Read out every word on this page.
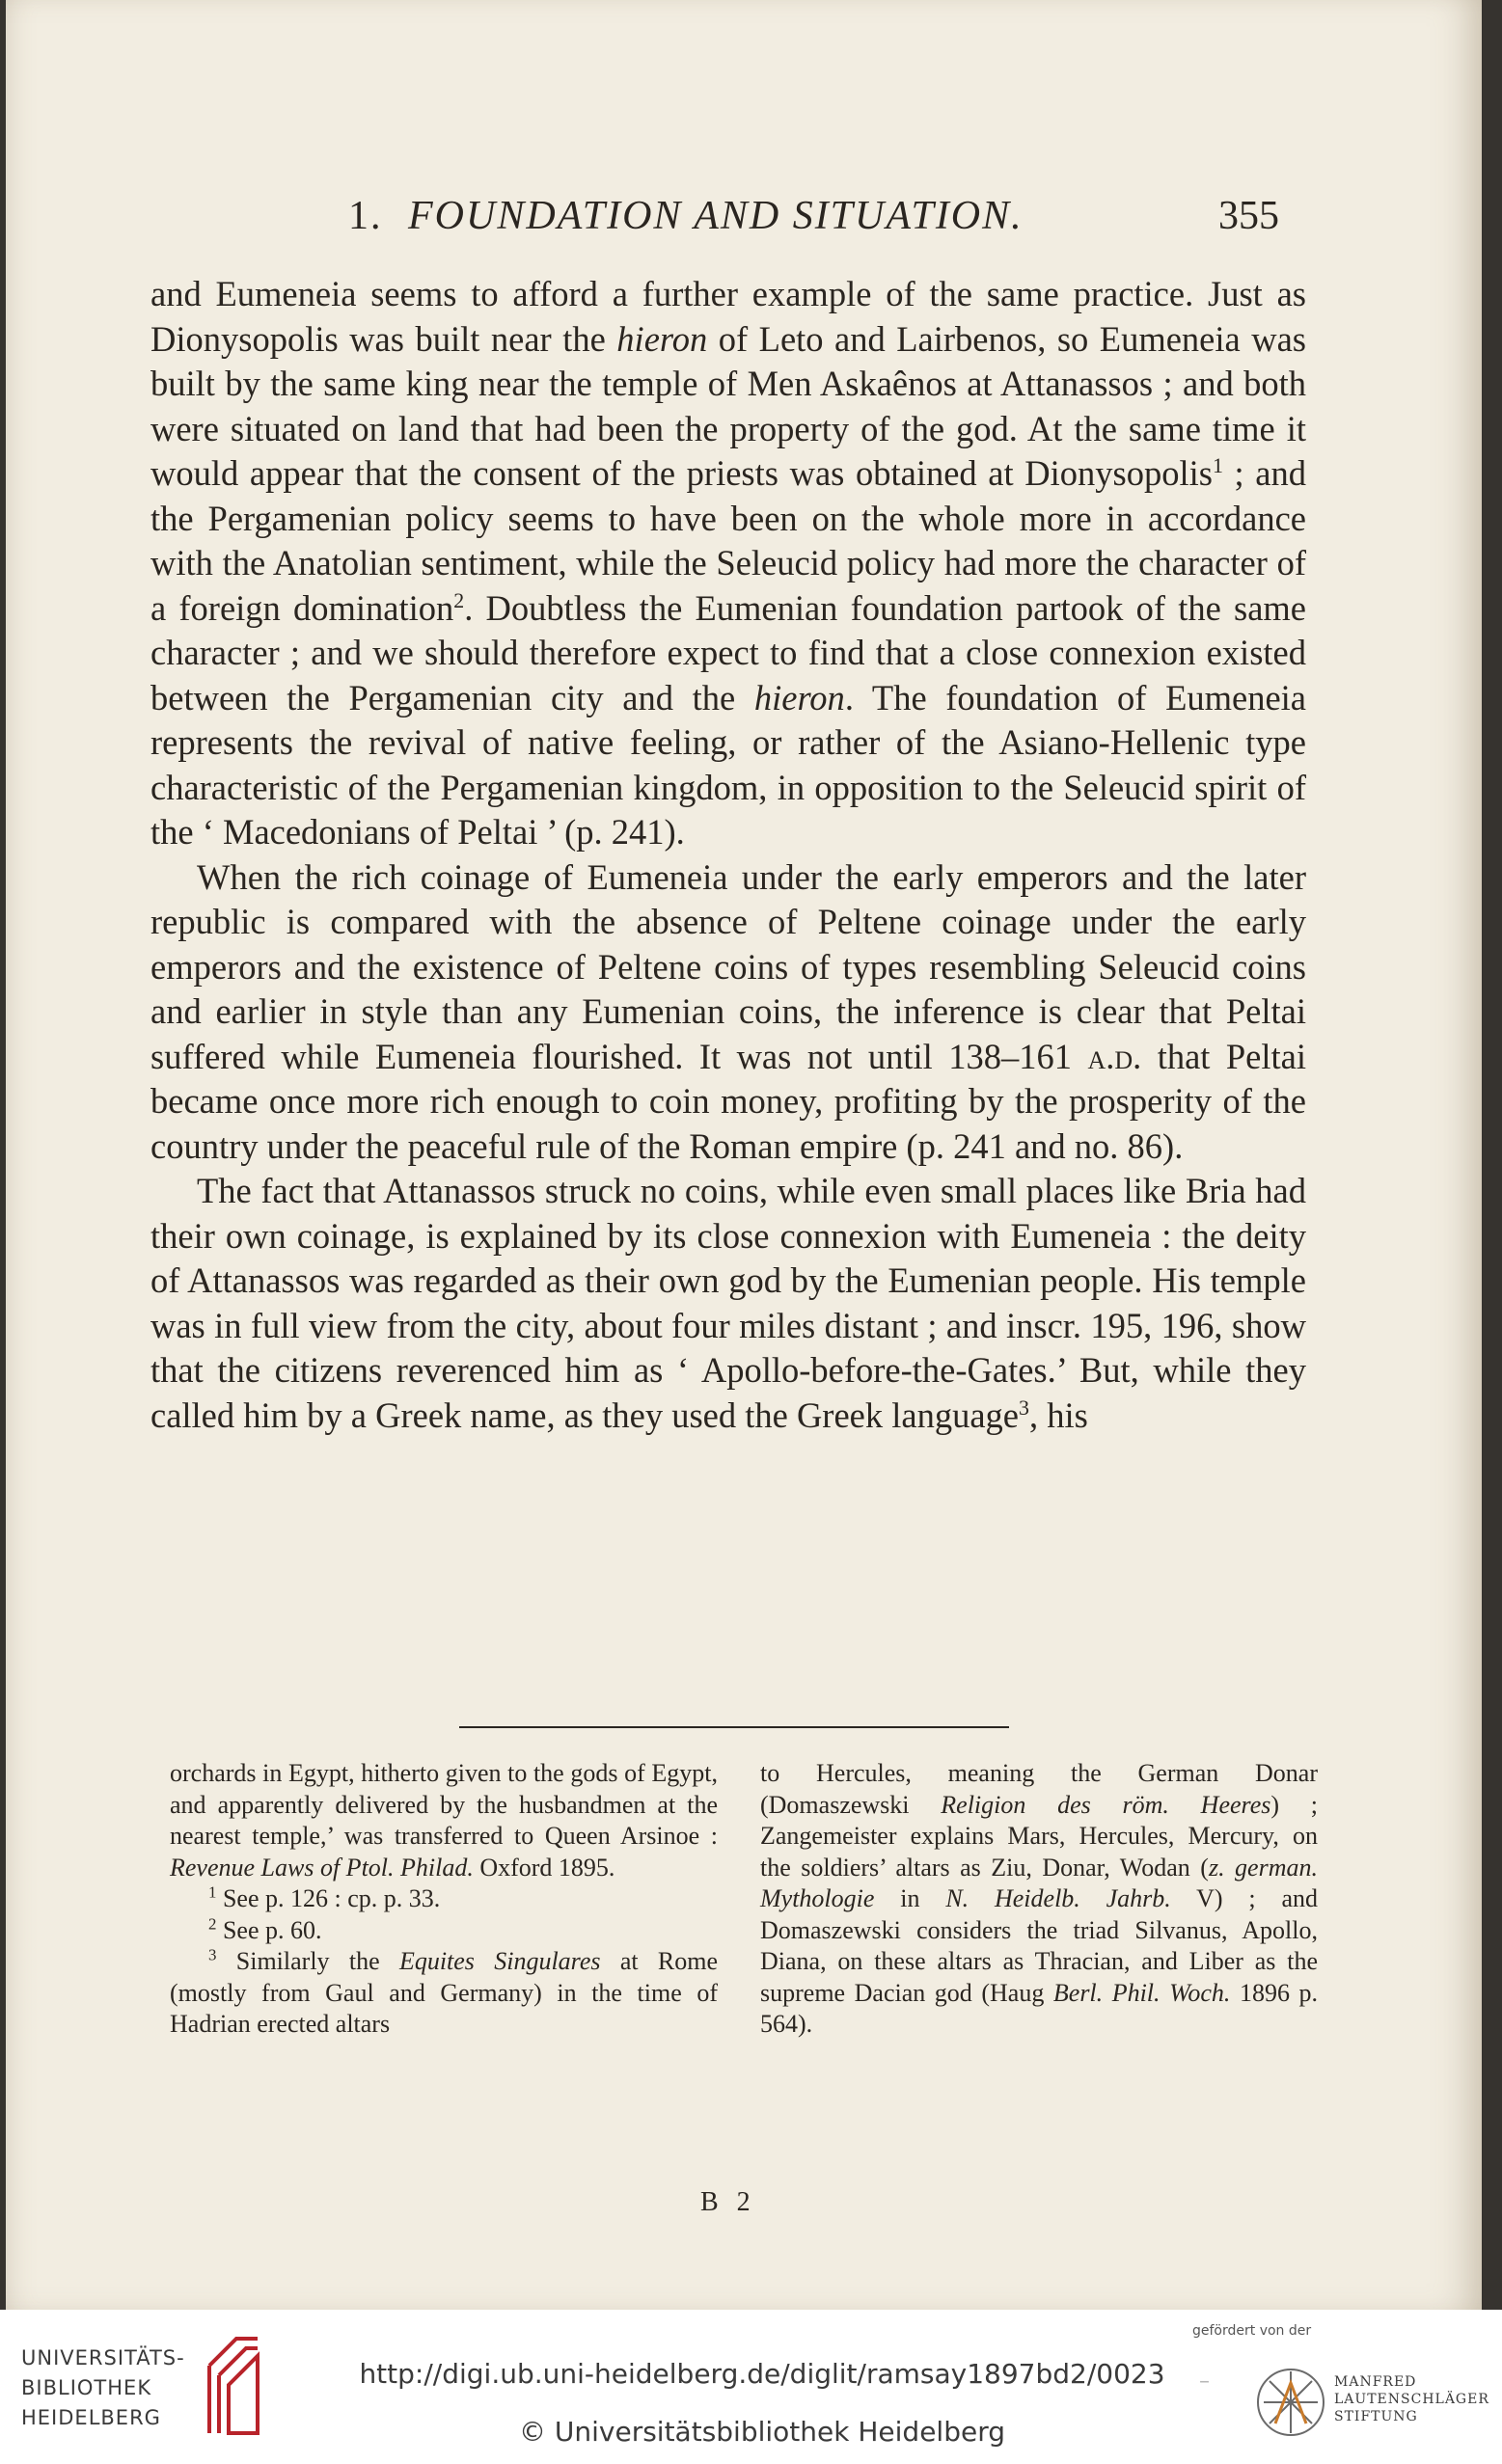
1. FOUNDATION AND SITUATION.	355

and Eumeneia seems to afford a further example of the same practice. Just as Dionysopolis was built near the hieron of Leto and Lairbenos, so Eumeneia was built by the same king near the temple of Men Askaênos at Attanassos ; and both were situated on land that had been the property of the god. At the same time it would appear that the consent of the priests was obtained at Dionysopolis$^1$ ; and the Pergamenian policy seems to have been on the whole more in accordance with the Anatolian sentiment, while the Seleucid policy had more the character of a foreign domination$^2$. Doubtless the Eumenian foundation partook of the same character ; and we should therefore expect to find that a close connexion existed between the Pergamenian city and the hieron. The foundation of Eumeneia represents the revival of native feeling, or rather of the Asiano-Hellenic type characteristic of the Pergamenian kingdom, in opposition to the Seleucid spirit of the ‘ Macedonians of Peltai ’ (p. 241).

When the rich coinage of Eumeneia under the early emperors and the later republic is compared with the absence of Peltene coinage under the early emperors and the existence of Peltene coins of types resembling Seleucid coins and earlier in style than any Eumenian coins, the inference is clear that Peltai suffered while Eumeneia flourished. It was not until 138–161 a.d. that Peltai became once more rich enough to coin money, profiting by the prosperity of the country under the peaceful rule of the Roman empire (p. 241 and no. 86).

The fact that Attanassos struck no coins, while even small places like Bria had their own coinage, is explained by its close connexion with Eumeneia : the deity of Attanassos was regarded as their own god by the Eumenian people. His temple was in full view from the city, about four miles distant ; and inscr. 195, 196, show that the citizens reverenced him as ‘ Apollo-before-the-Gates.’ But, while they called him by a Greek name, as they used the Greek language$^3$, his

orchards in Egypt, hitherto given to the gods of Egypt, and apparently delivered by the husbandmen at the nearest temple,’ was transferred to Queen Arsinoe : Revenue Laws of Ptol. Philad. Oxford 1895.

$^1$ See p. 126 : cp. p. 33.

$^2$ See p. 60.

$^3$ Similarly the Equites Singulares at Rome (mostly from Gaul and Germany) in the time of Hadrian erected altars

to Hercules, meaning the German Donar (Domaszewski Religion des röm. Heeres) ; Zangemeister explains Mars, Hercules, Mercury, on the soldiers’ altars as Ziu, Donar, Wodan (z. german. Mythologie in N. Heidelb. Jahrb. V) ; and Domaszewski considers the triad Silvanus, Apollo, Diana, on these altars as Thracian, and Liber as the supreme Dacian god (Haug Berl. Phil. Woch. 1896 p. 564).

B 2
UNIVERSITÄTS-
BIBLIOTHEK
HEIDELBERG
http://digi.ub.uni-heidelberg.de/diglit/ramsay1897bd2/0023
© Universitätsbibliothek Heidelberg
gefördert von der
–	MANFRED
LAUTENSCHLÄGER
STIFTUNG
